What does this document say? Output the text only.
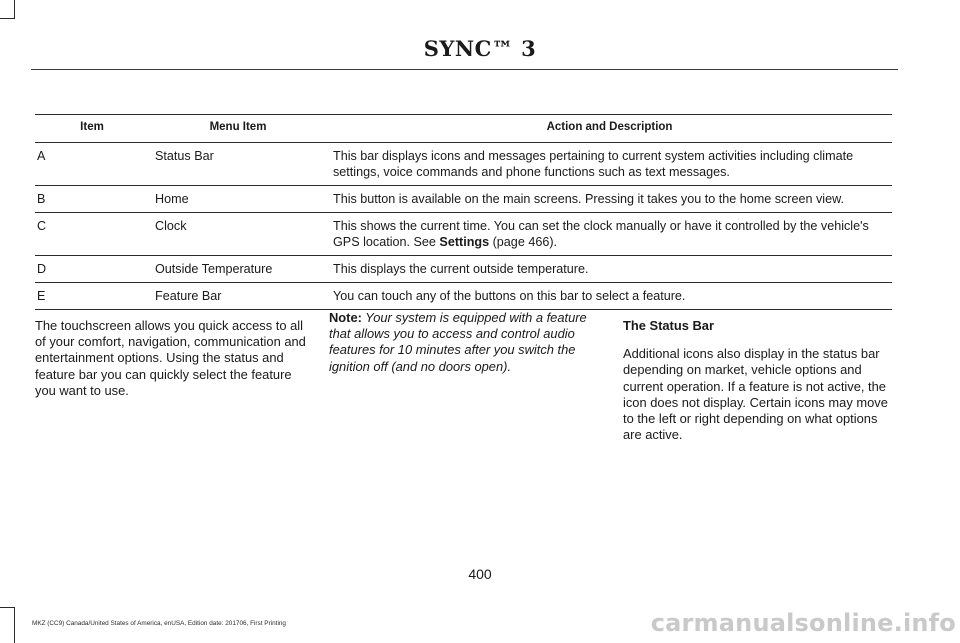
SYNC™ 3
Item	Menu Item	Action and Description
A	Status Bar	This bar displays icons and messages pertaining to current system activities including climate settings, voice commands and phone functions such as text messages.
B	Home	This button is available on the main screens. Pressing it takes you to the home screen view.
C	Clock	This shows the current time. You can set the clock manually or have it controlled by the vehicle's GPS location. See Settings (page 466).
D	Outside Temperature	This displays the current outside temperature.
E	Feature Bar	You can touch any of the buttons on this bar to select a feature.

The touchscreen allows you quick access to all of your comfort, navigation, communication and entertainment options. Using the status and feature bar you can quickly select the feature you want to use.

Note: Your system is equipped with a feature that allows you to access and control audio features for 10 minutes after you switch the ignition off (and no doors open).

The Status Bar

Additional icons also display in the status bar depending on market, vehicle options and current operation. If a feature is not active, the icon does not display. Certain icons may move to the left or right depending on what options are active.

400
MKZ (CC9) Canada/United States of America, enUSA, Edition date: 201706, First Printing	carmanualsonline.info
